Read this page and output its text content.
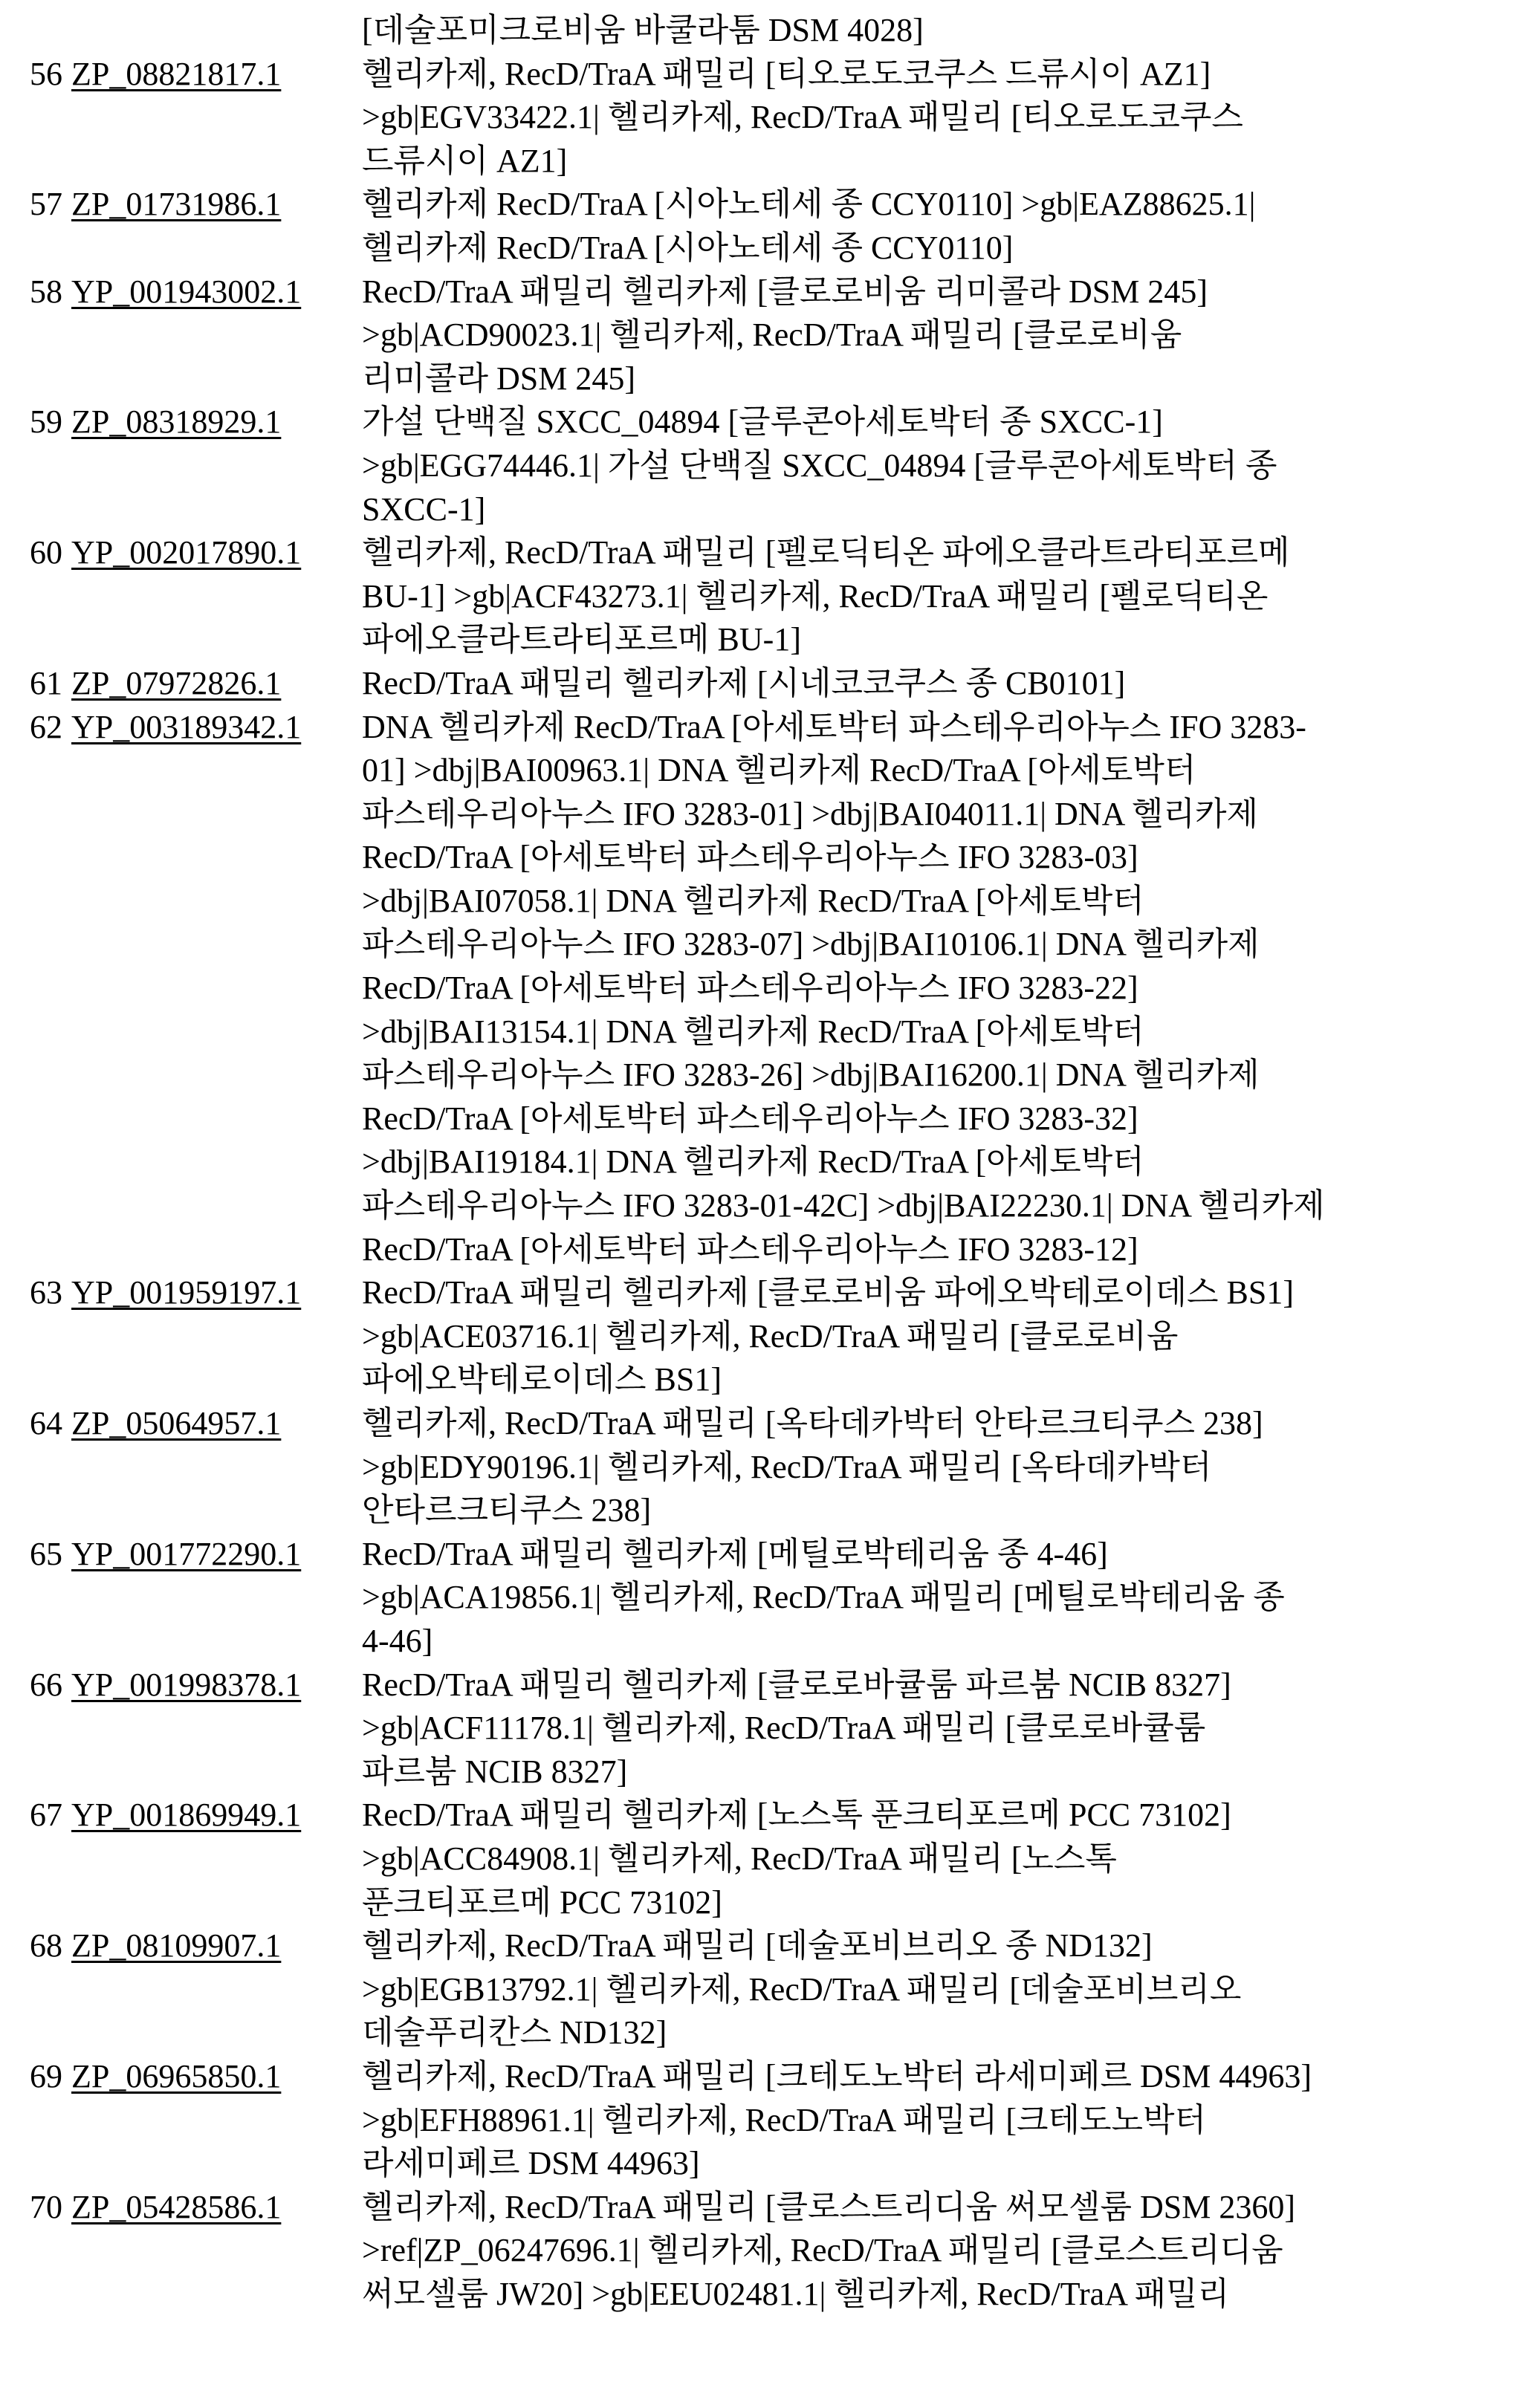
[데술포미크로비움 바쿨라툼 DSM 4028]
56 ZP_08821817.1	헬리카제, RecD/TraA 패밀리 [티오로도코쿠스 드류시이 AZ1]
>gb|EGV33422.1| 헬리카제, RecD/TraA 패밀리 [티오로도코쿠스
드류시이 AZ1]
57 ZP_01731986.1	헬리카제 RecD/TraA [시아노테세 종 CCY0110] >gb|EAZ88625.1|
헬리카제 RecD/TraA [시아노테세 종 CCY0110]
58 YP_001943002.1	RecD/TraA 패밀리 헬리카제 [클로로비움 리미콜라 DSM 245]
>gb|ACD90023.1| 헬리카제, RecD/TraA 패밀리 [클로로비움
리미콜라 DSM 245]
59 ZP_08318929.1	가설 단백질 SXCC_04894 [글루콘아세토박터 종 SXCC-1]
>gb|EGG74446.1| 가설 단백질 SXCC_04894 [글루콘아세토박터 종
SXCC-1]
60 YP_002017890.1	헬리카제, RecD/TraA 패밀리 [펠로딕티온 파에오클라트라티포르메
BU-1] >gb|ACF43273.1| 헬리카제, RecD/TraA 패밀리 [펠로딕티온
파에오클라트라티포르메 BU-1]
61 ZP_07972826.1	RecD/TraA 패밀리 헬리카제 [시네코코쿠스 종 CB0101]
62 YP_003189342.1	DNA 헬리카제 RecD/TraA [아세토박터 파스테우리아누스 IFO 3283-
01] >dbj|BAI00963.1| DNA 헬리카제 RecD/TraA [아세토박터
파스테우리아누스 IFO 3283-01] >dbj|BAI04011.1| DNA 헬리카제
RecD/TraA [아세토박터 파스테우리아누스 IFO 3283-03]
>dbj|BAI07058.1| DNA 헬리카제 RecD/TraA [아세토박터
파스테우리아누스 IFO 3283-07] >dbj|BAI10106.1| DNA 헬리카제
RecD/TraA [아세토박터 파스테우리아누스 IFO 3283-22]
>dbj|BAI13154.1| DNA 헬리카제 RecD/TraA [아세토박터
파스테우리아누스 IFO 3283-26] >dbj|BAI16200.1| DNA 헬리카제
RecD/TraA [아세토박터 파스테우리아누스 IFO 3283-32]
>dbj|BAI19184.1| DNA 헬리카제 RecD/TraA [아세토박터
파스테우리아누스 IFO 3283-01-42C] >dbj|BAI22230.1| DNA 헬리카제
RecD/TraA [아세토박터 파스테우리아누스 IFO 3283-12]
63 YP_001959197.1	RecD/TraA 패밀리 헬리카제 [클로로비움 파에오박테로이데스 BS1]
>gb|ACE03716.1| 헬리카제, RecD/TraA 패밀리 [클로로비움
파에오박테로이데스 BS1]
64 ZP_05064957.1	헬리카제, RecD/TraA 패밀리 [옥타데카박터 안타르크티쿠스 238]
>gb|EDY90196.1| 헬리카제, RecD/TraA 패밀리 [옥타데카박터
안타르크티쿠스 238]
65 YP_001772290.1	RecD/TraA 패밀리 헬리카제 [메틸로박테리움 종 4-46]
>gb|ACA19856.1| 헬리카제, RecD/TraA 패밀리 [메틸로박테리움 종
4-46]
66 YP_001998378.1	RecD/TraA 패밀리 헬리카제 [클로로바큘룸 파르붐 NCIB 8327]
>gb|ACF11178.1| 헬리카제, RecD/TraA 패밀리 [클로로바큘룸
파르붐 NCIB 8327]
67 YP_001869949.1	RecD/TraA 패밀리 헬리카제 [노스톡 푼크티포르메 PCC 73102]
>gb|ACC84908.1| 헬리카제, RecD/TraA 패밀리 [노스톡
푼크티포르메 PCC 73102]
68 ZP_08109907.1	헬리카제, RecD/TraA 패밀리 [데술포비브리오 종 ND132]
>gb|EGB13792.1| 헬리카제, RecD/TraA 패밀리 [데술포비브리오
데술푸리칸스 ND132]
69 ZP_06965850.1	헬리카제, RecD/TraA 패밀리 [크테도노박터 라세미페르 DSM 44963]
>gb|EFH88961.1| 헬리카제, RecD/TraA 패밀리 [크테도노박터
라세미페르 DSM 44963]
70 ZP_05428586.1	헬리카제, RecD/TraA 패밀리 [클로스트리디움 써모셀룸 DSM 2360]
>ref|ZP_06247696.1| 헬리카제, RecD/TraA 패밀리 [클로스트리디움
써모셀룸 JW20] >gb|EEU02481.1| 헬리카제, RecD/TraA 패밀리
